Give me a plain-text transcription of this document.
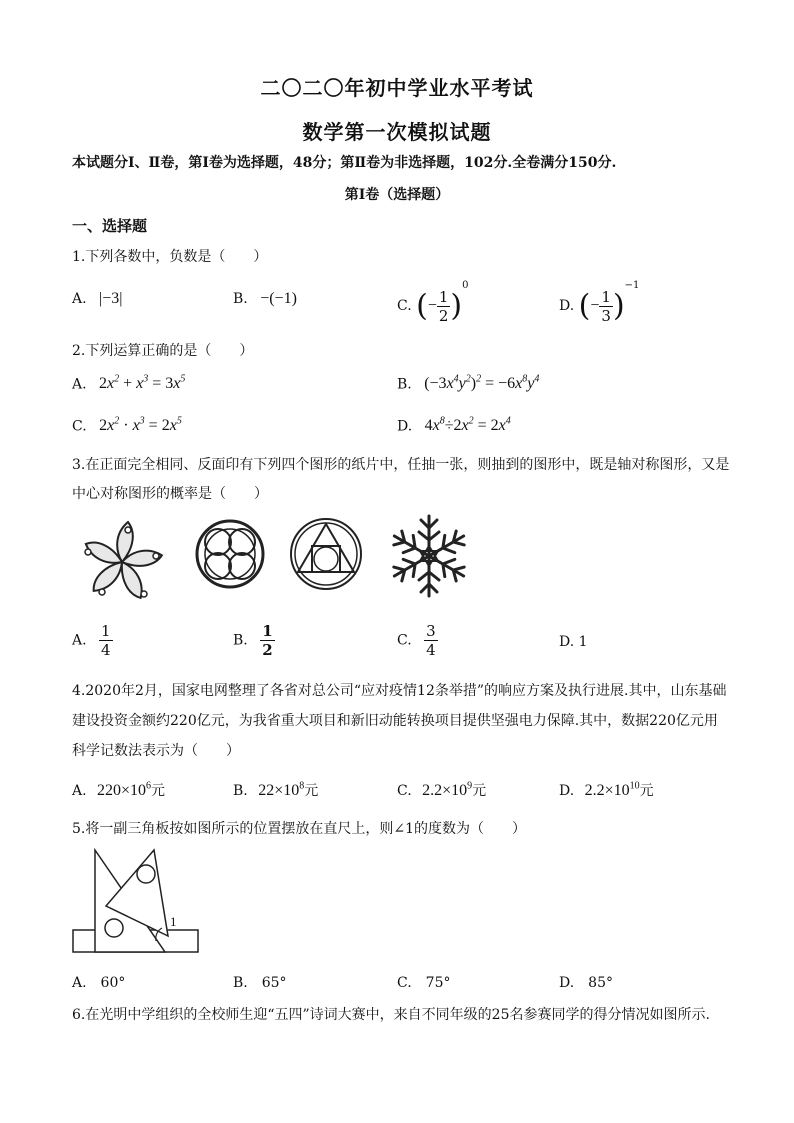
二〇二〇年初中学业水平考试
数学第一次模拟试题
本试题分Ⅰ、Ⅱ卷，第Ⅰ卷为选择题，48分；第Ⅱ卷为非选择题，102分.全卷满分150分.
第Ⅰ卷（选择题）
一、选择题
1.下列各数中，负数是（　　）
A. |−3|	B. −(−1)	C. (− $\frac{1}{2} )^0$
D. (− $\frac{1}{3} )^{-1}$
2.下列运算正确的是（　　）
A. $2x^2 + x^3 = 3x^5$	B. $(-3x^4y^2)^2 = -6x^8y^4$
C. $2x^2 \cdot x^3 = 2x^5$	D. $4x^8\div 2x^2 = 2x^4$
3.在正面完全相同、反面印有下列四个图形的纸片中，任抽一张，则抽到的图形中，既是轴对称图形，又是
中心对称图形的概率是（　　）
A. $\frac{1}{4}$	B. $\frac{1}{2}$	C. $\frac{3}{4}$	D. 1
4.2020年2月，国家电网整理了各省对总公司“应对疫情12条举措”的响应方案及执行进展.其中，山东基础
建设投资金额约220亿元，为我省重大项目和新旧动能转换项目提供坚强电力保障.其中，数据220亿元用
科学记数法表示为（　　）
A. $220\times 10^6$元	B. $22\times 10^8$元	C. $2.2\times 10^9$元	D. $2.2\times 10^{10}$元
5.将一副三角板按如图所示的位置摆放在直尺上，则∠1的度数为（　　）
1
A.　60°	B.　65°	C.　75°	D.　85°
6.在光明中学组织的全校师生迎“五四”诗词大赛中，来自不同年级的25名参赛同学的得分情况如图所示.
